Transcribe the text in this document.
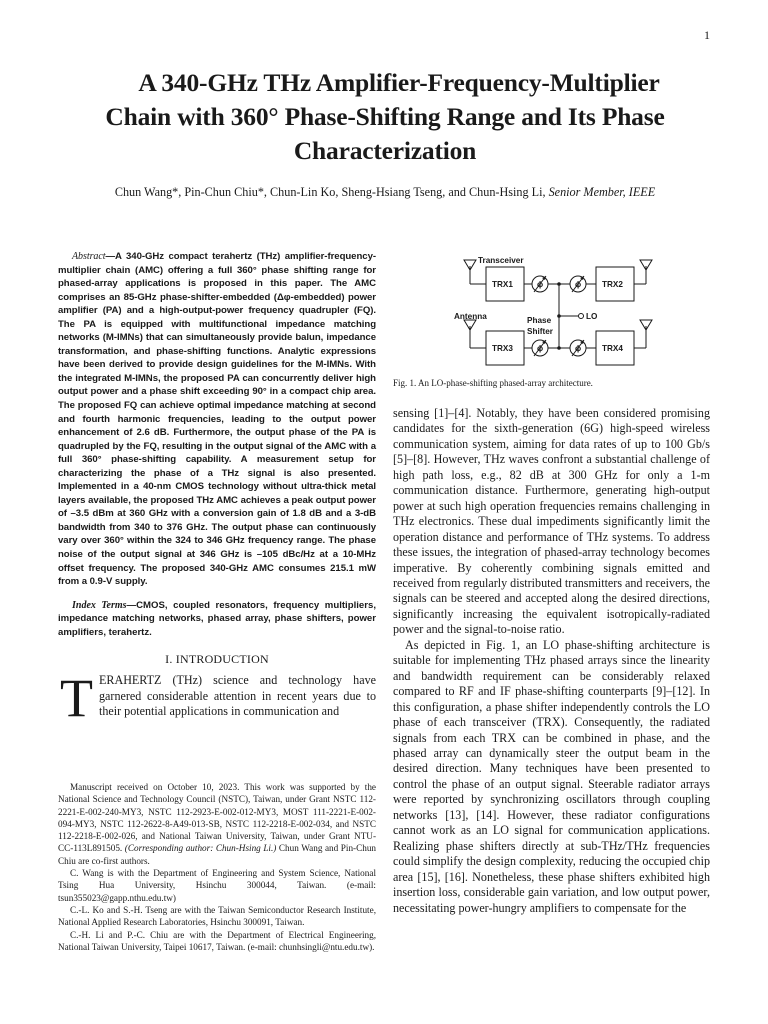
1
A 340-GHz THz Amplifier-Frequency-Multiplier
Chain with 360° Phase-Shifting Range and Its Phase
Characterization
Chun Wang*, Pin-Chun Chiu*, Chun-Lin Ko, Sheng-Hsiang Tseng, and Chun-Hsing Li, Senior Member, IEEE

Abstract—A 340-GHz compact terahertz (THz) amplifier-frequency-multiplier chain (AMC) offering a full 360° phase shifting range for phased-array applications is proposed in this paper. The AMC comprises an 85-GHz phase-shifter-embedded (Δφ-embedded) power amplifier (PA) and a high-output-power frequency quadrupler (FQ). The PA is equipped with multifunctional impedance matching networks (M-IMNs) that can simultaneously provide balun, impedance transformation, and phase-shifting functions. Analytic expressions have been derived to provide design guidelines for the M-IMNs. With the integrated M-IMNs, the proposed PA can concurrently deliver high output power and a phase shift exceeding 90° in a compact chip area. The proposed FQ can achieve optimal impedance matching at second and fourth harmonic frequencies, leading to the output power enhancement of 2.6 dB. Furthermore, the output phase of the PA is quadrupled by the FQ, resulting in the output signal of the AMC with a full 360° phase-shifting capability. A measurement setup for characterizing the phase of a THz signal is also presented. Implemented in a 40-nm CMOS technology without ultra-thick metal layers available, the proposed THz AMC achieves a peak output power of –3.5 dBm at 360 GHz with a conversion gain of 1.8 dB and a 3-dB bandwidth from 340 to 376 GHz. The output phase can continuously vary over 360° within the 324 to 346 GHz frequency range. The phase noise of the output signal at 346 GHz is –105 dBc/Hz at a 10-MHz offset frequency. The proposed 340-GHz AMC consumes 215.1 mW from a 0.9-V supply.

Index Terms—CMOS, coupled resonators, frequency multipliers, impedance matching networks, phased array, phase shifters, power amplifiers, terahertz.

I. INTRODUCTION

TERAHERTZ (THz) science and technology have garnered considerable attention in recent years due to their potential applications in communication and

Manuscript received on October 10, 2023. This work was supported by the National Science and Technology Council (NSTC), Taiwan, under Grant NSTC 112-2221-E-002-240-MY3, NSTC 112-2923-E-002-012-MY3, MOST 111-2221-E-002-094-MY3, NSTC 112-2622-8-A49-013-SB, NSTC 112-2218-E-002-034, and NSTC 112-2218-E-002-026, and National Taiwan University, Taiwan, under Grant NTU-CC-113L891505. (Corresponding author: Chun-Hsing Li.) Chun Wang and Pin-Chun Chiu are co-first authors.

C. Wang is with the Department of Engineering and System Science, National Tsing Hua University, Hsinchu 300044, Taiwan. (e-mail: tsun355023@gapp.nthu.edu.tw)

C.-L. Ko and S.-H. Tseng are with the Taiwan Semiconductor Research Institute, National Applied Research Laboratories, Hsinchu 300091, Taiwan.

C.-H. Li and P.-C. Chiu are with the Department of Electrical Engineering, National Taiwan University, Taipei 10617, Taiwan. (e-mail: chunhsingli@ntu.edu.tw).

Transceiver
TRX1	TRX2
TRX3	TRX4
Antenna	Phase
Shifter
LO
ϕ	ϕ
ϕ	ϕ
Fig. 1. An LO-phase-shifting phased-array architecture.

sensing [1]–[4]. Notably, they have been considered promising candidates for the sixth-generation (6G) high-speed wireless communication system, aiming for data rates of up to 100 Gb/s [5]–[8]. However, THz waves confront a substantial challenge of high path loss, e.g., 82 dB at 300 GHz for only a 1-m communication distance. Furthermore, generating high-output power at such high operation frequencies remains challenging in THz electronics. These dual impediments significantly limit the operation distance and performance of THz systems. To address these issues, the integration of phased-array technology becomes imperative. By coherently combining signals emitted and received from regularly distributed transmitters and receivers, the signals can be steered and accepted along the desired directions, significantly increasing the equivalent isotropically-radiated power and the signal-to-noise ratio.

As depicted in Fig. 1, an LO phase-shifting architecture is suitable for implementing THz phased arrays since the linearity and bandwidth requirement can be considerably relaxed compared to RF and IF phase-shifting counterparts [9]–[12]. In this configuration, a phase shifter independently controls the LO phase of each transceiver (TRX). Consequently, the radiated signals from each TRX can be combined in phase, and the phased array can dynamically steer the output beam in the desired direction. Many techniques have been presented to control the phase of an output signal. Steerable radiator arrays were reported by synchronizing oscillators through coupling networks [13], [14]. However, these radiator configurations cannot work as an LO signal for communication applications. Realizing phase shifters directly at sub-THz/THz frequencies could simplify the design complexity, reducing the occupied chip area [15], [16]. Nonetheless, these phase shifters exhibited high insertion loss, considerable gain variation, and low output power, necessitating power-hungry amplifiers to compensate for the
